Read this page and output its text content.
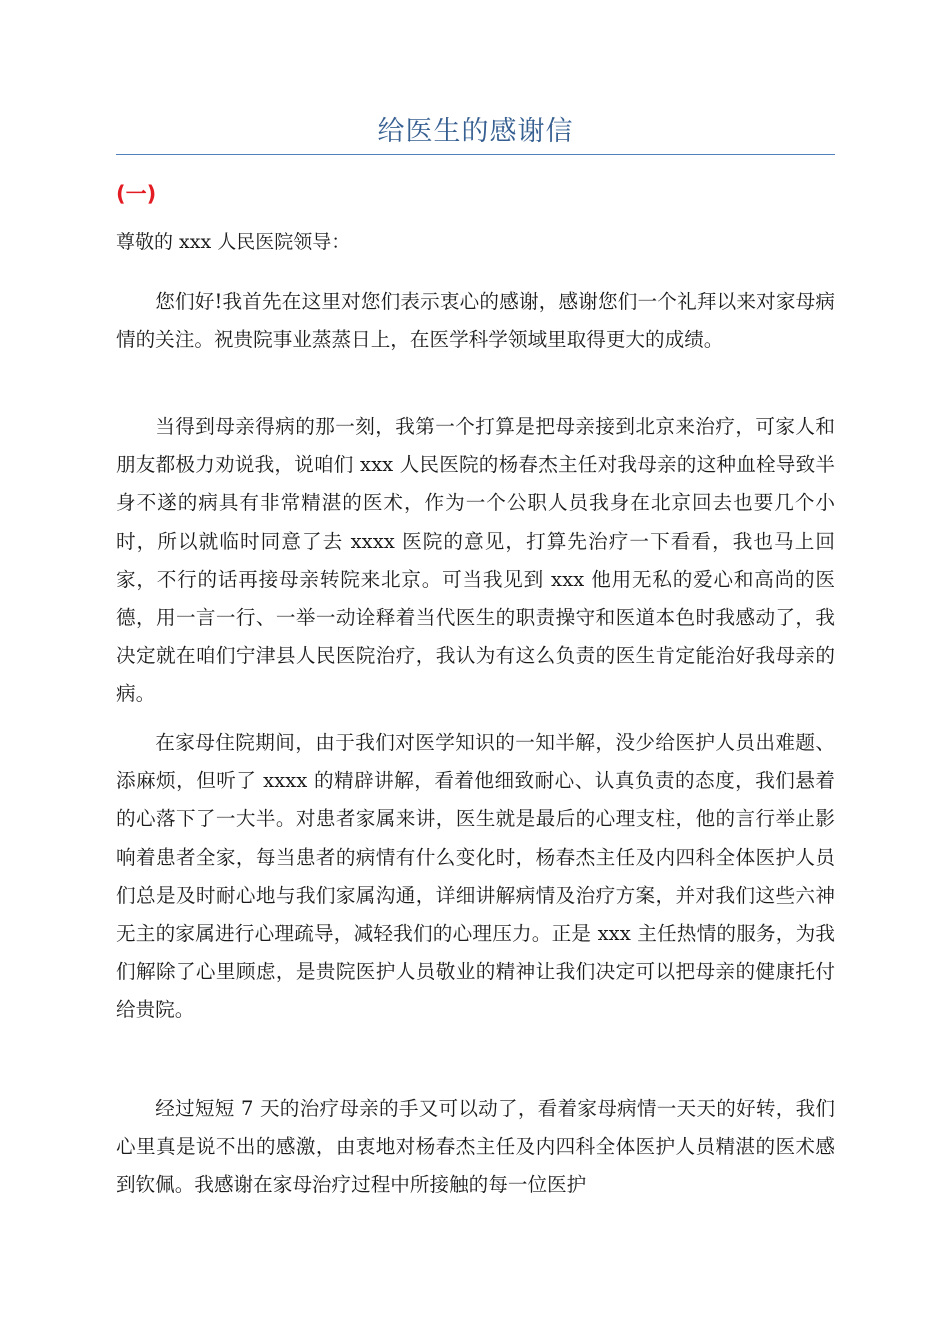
给医生的感谢信
(一)
尊敬的 xxx 人民医院领导：

您们好!我首先在这里对您们表示衷心的感谢，感谢您们一个礼拜以来对家母病情的关注。祝贵院事业蒸蒸日上，在医学科学领域里取得更大的成绩。

当得到母亲得病的那一刻，我第一个打算是把母亲接到北京来治疗，可家人和朋友都极力劝说我，说咱们 xxx 人民医院的杨春杰主任对我母亲的这种血栓导致半身不遂的病具有非常精湛的医术，作为一个公职人员我身在北京回去也要几个小时，所以就临时同意了去 xxxx 医院的意见，打算先治疗一下看看，我也马上回家，不行的话再接母亲转院来北京。可当我见到 xxx 他用无私的爱心和高尚的医德，用一言一行、一举一动诠释着当代医生的职责操守和医道本色时我感动了，我决定就在咱们宁津县人民医院治疗，我认为有这么负责的医生肯定能治好我母亲的病。

在家母住院期间，由于我们对医学知识的一知半解，没少给医护人员出难题、添麻烦，但听了 xxxx 的精辟讲解，看着他细致耐心、认真负责的态度，我们悬着的心落下了一大半。对患者家属来讲，医生就是最后的心理支柱，他的言行举止影响着患者全家，每当患者的病情有什么变化时，杨春杰主任及内四科全体医护人员们总是及时耐心地与我们家属沟通，详细讲解病情及治疗方案，并对我们这些六神无主的家属进行心理疏导，减轻我们的心理压力。正是 xxx 主任热情的服务，为我们解除了心里顾虑，是贵院医护人员敬业的精神让我们决定可以把母亲的健康托付给贵院。

经过短短 7 天的治疗母亲的手又可以动了，看着家母病情一天天的好转，我们心里真是说不出的感激，由衷地对杨春杰主任及内四科全体医护人员精湛的医术感到钦佩。我感谢在家母治疗过程中所接触的每一位医护
